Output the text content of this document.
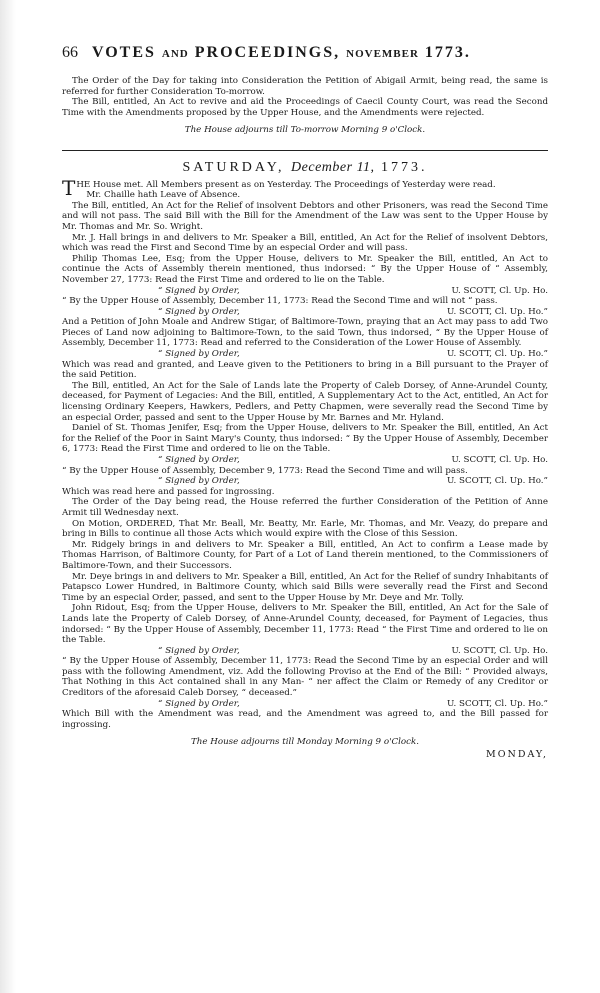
66 VOTES AND PROCEEDINGS, NOVEMBER 1773.

The Order of the Day for taking into Consideration the Petition of Abigail Armit, being read, the same is referred for further Consideration To-morrow.

The Bill, entitled, An Act to revive and aid the Proceedings of Caecil County Court, was read the Second Time with the Amendments proposed by the Upper House, and the Amendments were rejected.

The House adjourns till To-morrow Morning 9 o'Clock.

SATURDAY, December 11, 1773.

THE House met. All Members present as on Yesterday. The Proceedings of Yesterday were read.

Mr. Chaille hath Leave of Absence.

The Bill, entitled, An Act for the Relief of insolvent Debtors and other Prisoners, was read the Second Time and will not pass. The said Bill with the Bill for the Amendment of the Law was sent to the Upper House by Mr. Thomas and Mr. So. Wright.

Mr. J. Hall brings in and delivers to Mr. Speaker a Bill, entitled, An Act for the Relief of insolvent Debtors, which was read the First and Second Time by an especial Order and will pass.

Philip Thomas Lee, Esq; from the Upper House, delivers to Mr. Speaker the Bill, entitled, An Act to continue the Acts of Assembly therein mentioned, thus indorsed: “ By the Upper House of “ Assembly, November 27, 1773: Read the First Time and ordered to lie on the Table.

“ Signed by Order,	U. SCOTT, Cl. Up. Ho.

“ By the Upper House of Assembly, December 11, 1773: Read the Second Time and will not “ pass.

“ Signed by Order,	U. SCOTT, Cl. Up. Ho.”

And a Petition of John Moale and Andrew Stigar, of Baltimore-Town, praying that an Act may pass to add Two Pieces of Land now adjoining to Baltimore-Town, to the said Town, thus indorsed, “ By the Upper House of Assembly, December 11, 1773: Read and referred to the Consideration of the Lower House of Assembly.

“ Signed by Order,	U. SCOTT, Cl. Up. Ho.”

Which was read and granted, and Leave given to the Petitioners to bring in a Bill pursuant to the Prayer of the said Petition.

The Bill, entitled, An Act for the Sale of Lands late the Property of Caleb Dorsey, of Anne-Arundel County, deceased, for Payment of Legacies: And the Bill, entitled, A Supplementary Act to the Act, entitled, An Act for licensing Ordinary Keepers, Hawkers, Pedlers, and Petty Chapmen, were severally read the Second Time by an especial Order, passed and sent to the Upper House by Mr. Barnes and Mr. Hyland.

Daniel of St. Thomas Jenifer, Esq; from the Upper House, delivers to Mr. Speaker the Bill, entitled, An Act for the Relief of the Poor in Saint Mary's County, thus indorsed: “ By the Upper House of Assembly, December 6, 1773: Read the First Time and ordered to lie on the Table.

“ Signed by Order,	U. SCOTT, Cl. Up. Ho.

“ By the Upper House of Assembly, December 9, 1773: Read the Second Time and will pass.

“ Signed by Order,	U. SCOTT, Cl. Up. Ho.”

Which was read here and passed for ingrossing.

The Order of the Day being read, the House referred the further Consideration of the Petition of Anne Armit till Wednesday next.

On Motion, ORDERED, That Mr. Beall, Mr. Beatty, Mr. Earle, Mr. Thomas, and Mr. Veazy, do prepare and bring in Bills to continue all those Acts which would expire with the Close of this Session.

Mr. Ridgely brings in and delivers to Mr. Speaker a Bill, entitled, An Act to confirm a Lease made by Thomas Harrison, of Baltimore County, for Part of a Lot of Land therein mentioned, to the Commissioners of Baltimore-Town, and their Successors.

Mr. Deye brings in and delivers to Mr. Speaker a Bill, entitled, An Act for the Relief of sundry Inhabitants of Patapsco Lower Hundred, in Baltimore County, which said Bills were severally read the First and Second Time by an especial Order, passed, and sent to the Upper House by Mr. Deye and Mr. Tolly.

John Ridout, Esq; from the Upper House, delivers to Mr. Speaker the Bill, entitled, An Act for the Sale of Lands late the Property of Caleb Dorsey, of Anne-Arundel County, deceased, for Payment of Legacies, thus indorsed: “ By the Upper House of Assembly, December 11, 1773: Read “ the First Time and ordered to lie on the Table.

“ Signed by Order,	U. SCOTT, Cl. Up. Ho.

“ By the Upper House of Assembly, December 11, 1773: Read the Second Time by an especial Order and will pass with the following Amendment, viz. Add the following Proviso at the End of the Bill: “ Provided always, That Nothing in this Act contained shall in any Man- “ ner affect the Claim or Remedy of any Creditor or Creditors of the aforesaid Caleb Dorsey, “ deceased.”

“ Signed by Order,	U. SCOTT, Cl. Up. Ho.”

Which Bill with the Amendment was read, and the Amendment was agreed to, and the Bill passed for ingrossing.

The House adjourns till Monday Morning 9 o'Clock.

MONDAY,
